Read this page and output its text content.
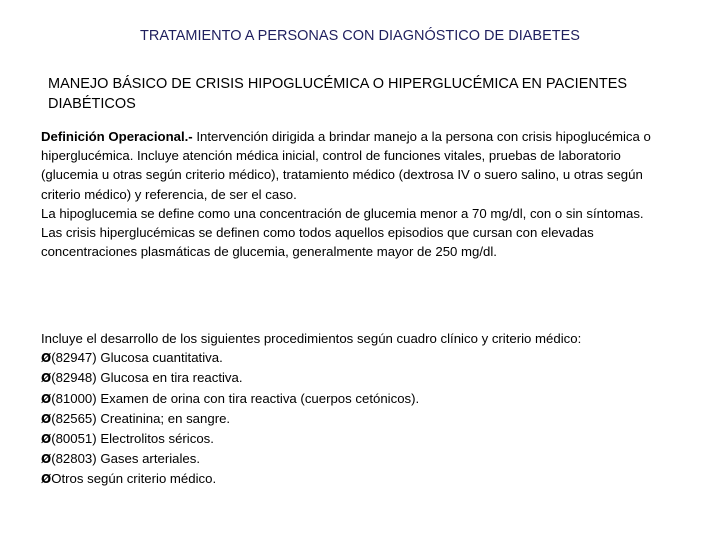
TRATAMIENTO A PERSONAS CON DIAGNÓSTICO DE DIABETES
MANEJO BÁSICO DE CRISIS HIPOGLUCÉMICA O HIPERGLUCÉMICA EN PACIENTES DIABÉTICOS
Definición Operacional.- Intervención dirigida a brindar manejo a la persona con crisis hipoglucémica o hiperglucémica. Incluye atención médica inicial, control de funciones vitales, pruebas de laboratorio (glucemia u otras según criterio médico), tratamiento médico (dextrosa IV o suero salino, u otras según criterio médico) y referencia, de ser el caso.
La hipoglucemia se define como una concentración de glucemia menor a 70 mg/dl, con o sin síntomas.
Las crisis hiperglucémicas se definen como todos aquellos episodios que cursan con elevadas concentraciones plasmáticas de glucemia, generalmente mayor de 250 mg/dl.
Incluye el desarrollo de los siguientes procedimientos según cuadro clínico y criterio médico:
Ø(82947) Glucosa cuantitativa.
Ø(82948) Glucosa en tira reactiva.
Ø(81000) Examen de orina con tira reactiva (cuerpos cetónicos).
Ø(82565) Creatinina; en sangre.
Ø(80051) Electrolitos séricos.
Ø(82803) Gases arteriales.
ØOtros según criterio médico.
